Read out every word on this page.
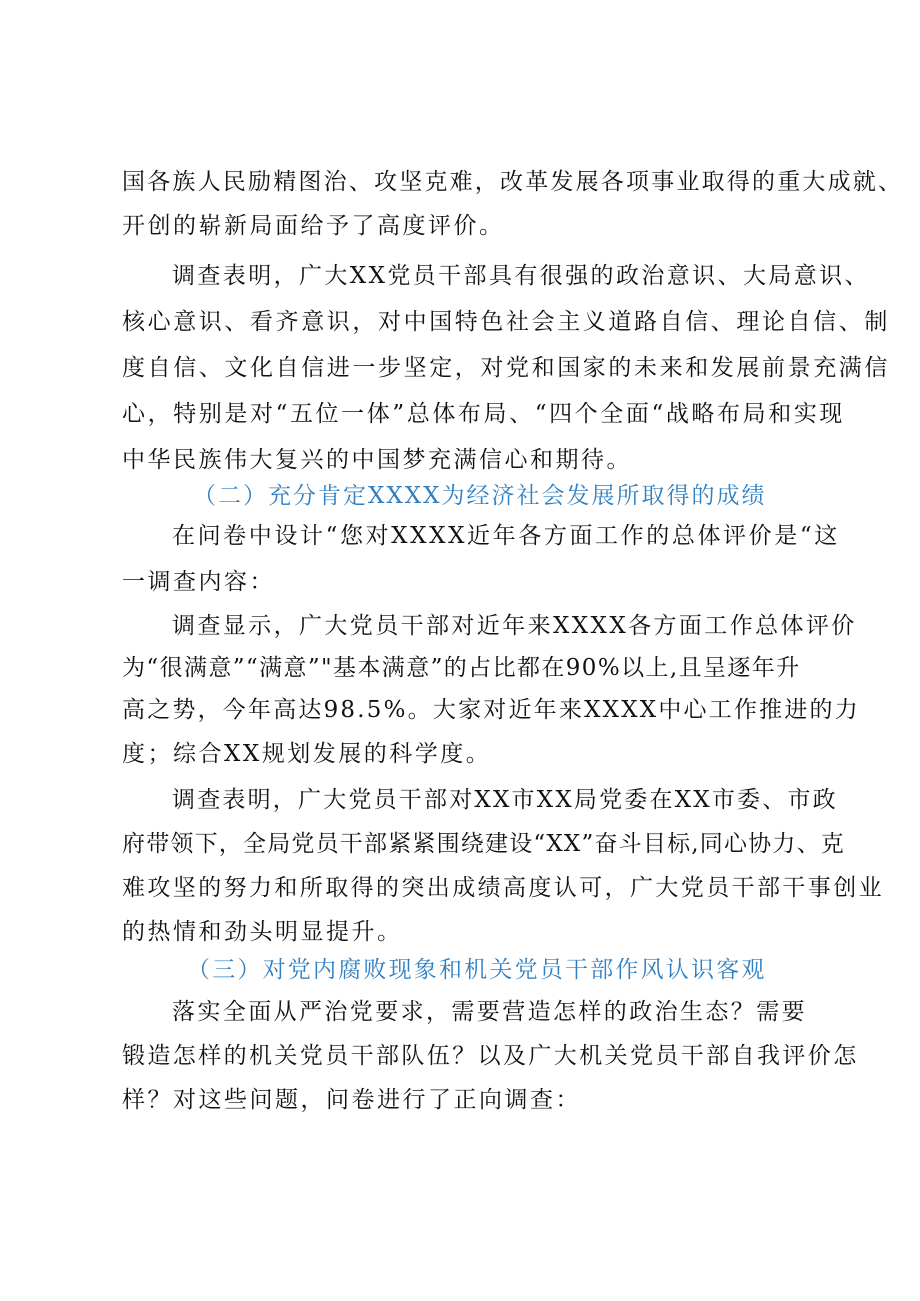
国各族人民励精图治、攻坚克难，改革发展各项事业取得的重大成就、
开创的崭新局面给予了高度评价。
调查表明，广大XX党员干部具有很强的政治意识、大局意识、
核心意识、看齐意识，对中国特色社会主义道路自信、理论自信、制
度自信、文化自信进一步坚定，对党和国家的未来和发展前景充满信
心，特别是对“五位一体”总体布局、“四个全面“战略布局和实现
中华民族伟大复兴的中国梦充满信心和期待。
（二）充分肯定XXXX为经济社会发展所取得的成绩
在问卷中设计“您对XXXX近年各方面工作的总体评价是“这
一调查内容：
调查显示，广大党员干部对近年来XXXX各方面工作总体评价
为“很满意”“满意”"基本满意”的占比都在90%以上,且呈逐年升
高之势，今年高达98.5%。大家对近年来XXXX中心工作推进的力
度；综合XX规划发展的科学度。
调查表明，广大党员干部对XX市XX局党委在XX市委、市政
府带领下，全局党员干部紧紧围绕建设“XX”奋斗目标,同心协力、克
难攻坚的努力和所取得的突出成绩高度认可，广大党员干部干事创业
的热情和劲头明显提升。
（三）对党内腐败现象和机关党员干部作风认识客观
落实全面从严治党要求，需要营造怎样的政治生态？需要
锻造怎样的机关党员干部队伍？以及广大机关党员干部自我评价怎
样？对这些问题，问卷进行了正向调查：
